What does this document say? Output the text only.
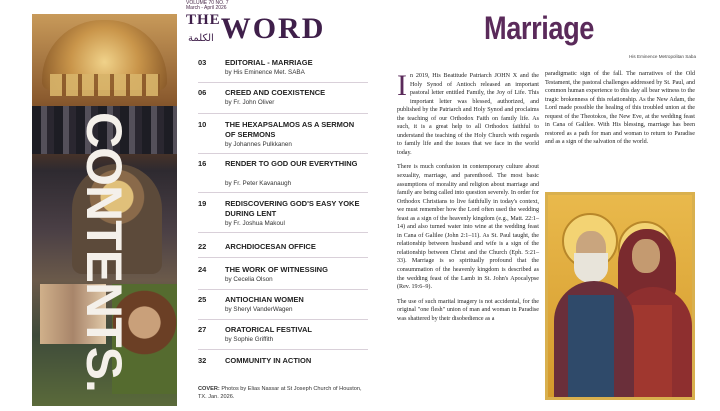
CONTENTS.
VOLUME 70 NO. 7
March - April 2026
THEWORD
الكلمة
03 EDITORIAL - MARRIAGE
by His Eminence Met. SABA
06 CREED AND COEXISTENCE
by Fr. John Oliver
10 THE HEXAPSALMOS AS A SERMON OF SERMONS
by Johannes Pulkkanen
16 RENDER TO GOD OUR EVERYTHING
by Fr. Peter Kavanaugh
19 REDISCOVERING GOD'S EASY YOKE DURING LENT
by Fr. Joshua Makoul
22 ARCHDIOCESAN OFFICE
24 THE WORK OF WITNESSING
by Cecelia Olson
25 ANTIOCHIAN WOMEN
by Sheryl VanderWagen
27 ORATORICAL FESTIVAL
by Sophie Griffith
32 COMMUNITY IN ACTION
COVER: Photos by Elias Nassar at St Joseph Church of Houston, TX. Jan. 2026.
Marriage
His Eminence Metropolitan Saba

In 2019, His Beatitude Patriarch JOHN X and the Holy Synod of Antioch released an important pastoral letter entitled Family, the Joy of Life. This important letter was blessed, authorized, and published by the Patriarch and Holy Synod and proclaims the teaching of our Orthodox Faith on family life. As such, it is a great help to all Orthodox faithful to understand the teaching of the Holy Church with regards to family life and the issues that we face in the world today.

There is much confusion in contemporary culture about sexuality, marriage, and parenthood. The most basic assumptions of morality and religion about marriage and family are being called into question severely. In order for Orthodox Christians to live faithfully in today's context, we must remember how the Lord often used the wedding feast as a sign of the heavenly kingdom (e.g., Matt. 22:1–14) and also turned water into wine at the wedding feast in Cana of Galilee (John 2:1–11). As St. Paul taught, the relationship between husband and wife is a sign of the relationship between Christ and the Church (Eph. 5:21–33). Marriage is so spiritually profound that the consummation of the heavenly kingdom is described as the wedding feast of the Lamb in St. John's Apocalypse (Rev. 19:6–9).

The use of such marital imagery is not accidental, for the original "one flesh" union of man and woman in Paradise was shattered by their disobedience as a

paradigmatic sign of the fall. The narratives of the Old Testament, the pastoral challenges addressed by St. Paul, and common human experience to this day all bear witness to the tragic brokenness of this relationship. As the New Adam, the Lord made possible the healing of this troubled union at the request of the Theotokos, the New Eve, at the wedding feast in Cana of Galilee. With His blessing, marriage has been restored as a path for man and woman to return to Paradise and as a sign of the salvation of the world.
